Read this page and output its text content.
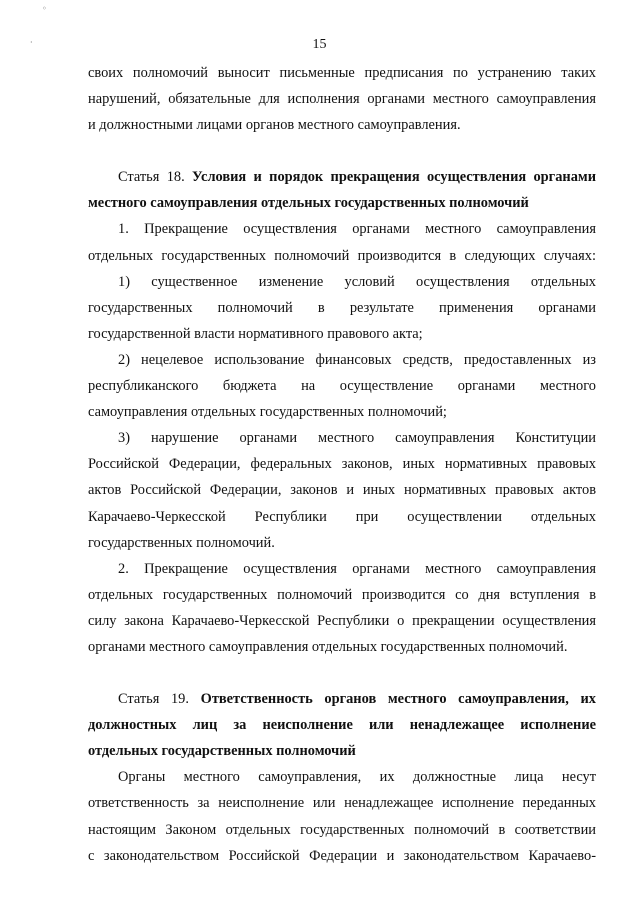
◦
·	15
своих полномочий выносит письменные предписания по устранению таких
нарушений, обязательные для исполнения органами местного самоуправления
и должностными лицами органов местного самоуправления.
Статья 18. Условия и порядок прекращения осуществления органами
местного самоуправления отдельных государственных полномочий
1. Прекращение осуществления органами местного самоуправления
отдельных государственных полномочий производится в следующих случаях:
1) существенное изменение условий осуществления отдельных
государственных полномочий в результате применения органами
государственной власти нормативного правового акта;
2) нецелевое использование финансовых средств, предоставленных из
республиканского бюджета на осуществление органами местного
самоуправления отдельных государственных полномочий;
3) нарушение органами местного самоуправления Конституции
Российской Федерации, федеральных законов, иных нормативных правовых
актов Российской Федерации, законов и иных нормативных правовых актов
Карачаево-Черкесской Республики при осуществлении отдельных
государственных полномочий.
2. Прекращение осуществления органами местного самоуправления
отдельных государственных полномочий производится со дня вступления в
силу закона Карачаево-Черкесской Республики о прекращении осуществления
органами местного самоуправления отдельных государственных полномочий.
Статья 19. Ответственность органов местного самоуправления, их
должностных лиц за неисполнение или ненадлежащее исполнение
отдельных государственных полномочий
Органы местного самоуправления, их должностные лица несут
ответственность за неисполнение или ненадлежащее исполнение переданных
настоящим Законом отдельных государственных полномочий в соответствии
с законодательством Российской Федерации и законодательством Карачаево-
